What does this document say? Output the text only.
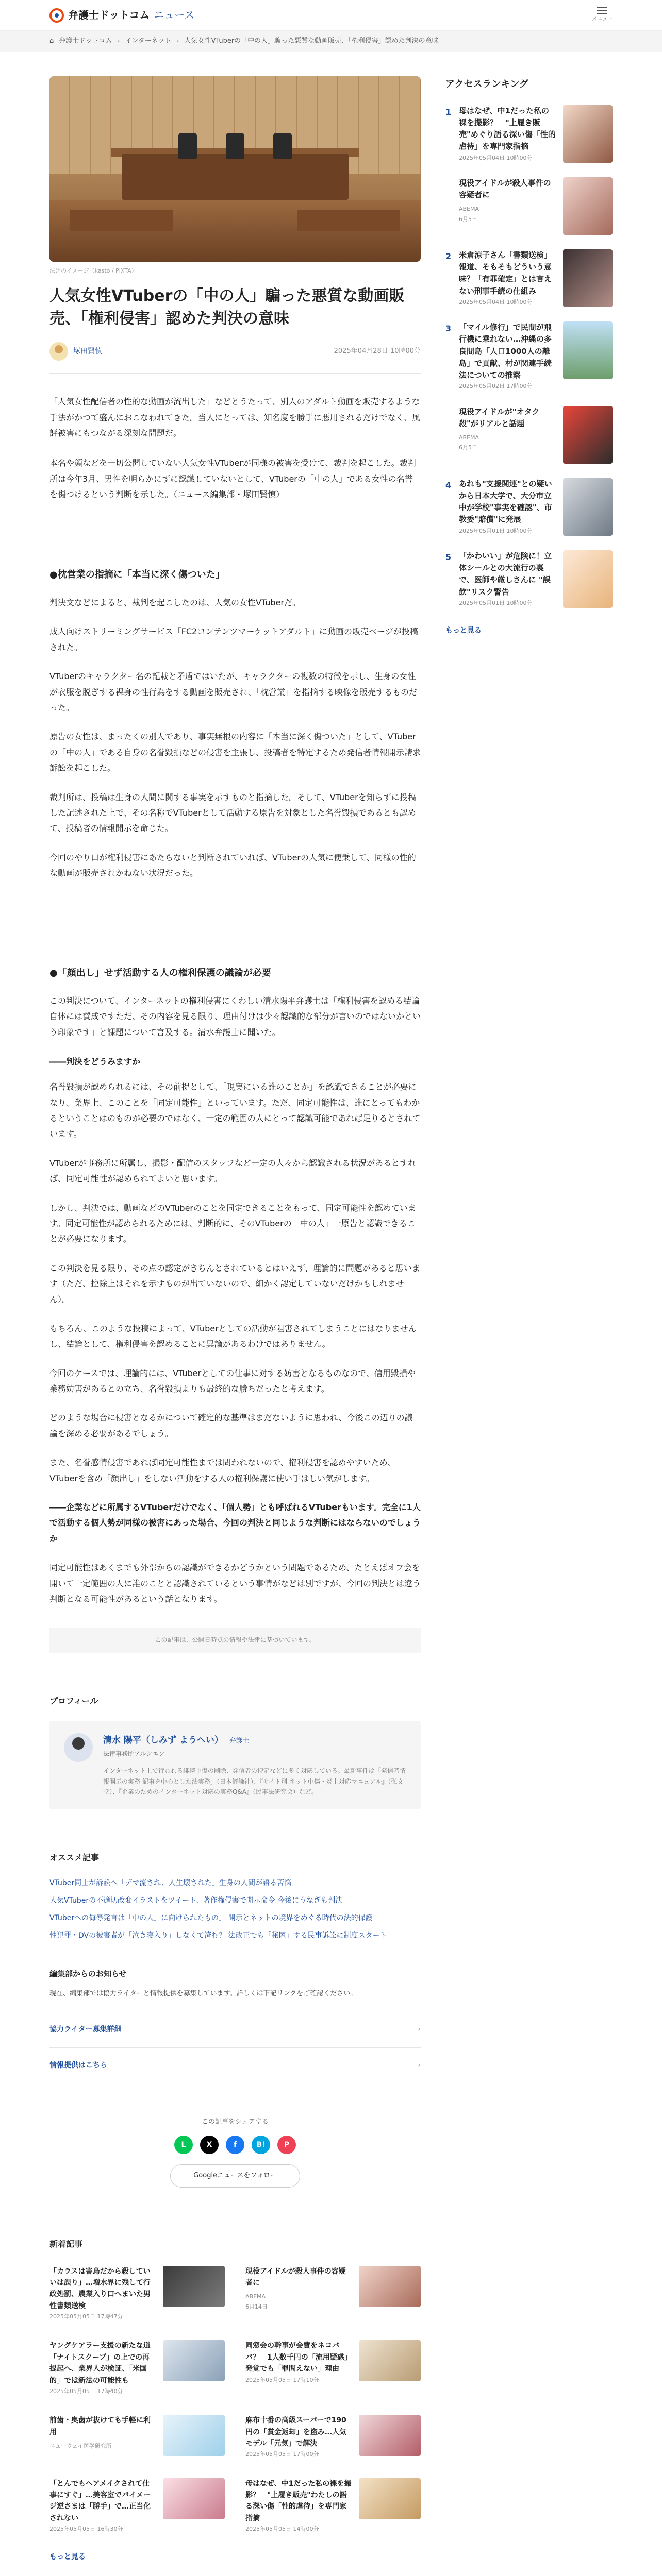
弁護士ドットコム ニュース	メニュー
⌂ 弁護士ドットコム › インターネット › 人気女性VTuberの「中の人」騙った悪質な動画販売、「権利侵害」認めた判決の意味
法廷のイメージ（kasto / PIXTA）
人気女性VTuberの「中の人」騙った悪質な動画販売、「権利侵害」認めた判決の意味
塚田賢慎	2025年04月28日 10時00分

「人気女性配信者の性的な動画が流出した」などとうたって、別人のアダルト動画を販売するような手法がかつて盛んにおこなわれてきた。当人にとっては、知名度を勝手に悪用されるだけでなく、風評被害にもつながる深刻な問題だ。

本名や顔などを一切公開していない人気女性VTuberが同様の被害を受けて、裁判を起こした。裁判所は今年3月、男性を明らかにずに認識していないとして、VTuberの「中の人」である女性の名誉を傷つけるという判断を示した。（ニュース編集部・塚田賢慎）

●枕営業の指摘に「本当に深く傷ついた」

判決文などによると、裁判を起こしたのは、人気の女性VTuberだ。

成人向けストリーミングサービス「FC2コンテンツマーケットアダルト」に動画の販売ページが投稿された。

VTuberのキャラクター名の記載と矛盾ではいたが、キャラクターの複数の特徴を示し、生身の女性が衣服を脱ぎする裸身の性行為をする動画を販売され、「枕営業」を指摘する映像を販売するものだった。

原告の女性は、まったくの別人であり、事実無根の内容に「本当に深く傷ついた」として、VTuberの「中の人」である自身の名誉毀損などの侵害を主張し、投稿者を特定するため発信者情報開示請求訴訟を起こした。

裁判所は、投稿は生身の人間に関する事実を示すものと指摘した。そして、VTuberを知らずに投稿した記述された上で、その名称でVTuberとして活動する原告を対象とした名誉毀損であるとも認めて、投稿者の情報開示を命じた。

今回のやり口が権利侵害にあたらないと判断されていれば、VTuberの人気に便乗して、同様の性的な動画が販売されかねない状況だった。

●「顔出し」せず活動する人の権利保護の議論が必要

この判決について、インターネットの権利侵害にくわしい清水陽平弁護士は「権利侵害を認める結論自体には賛成ですただ、その内容を見る限り、理由付けは少々認識的な部分が言いのではないかという印象です」と課題について言及する。清水弁護士に聞いた。

――判決をどうみますか

名誉毀損が認められるには、その前提として、「現実にいる誰のことか」を認識できることが必要になり、業界上、このことを「同定可能性」といっています。ただ、同定可能性は、誰にとってもわかるということはのものが必要のではなく、一定の範囲の人にとって認識可能であれば足りるとされています。

VTuberが事務所に所属し、撮影・配信のスタッフなど一定の人々から認識される状況があるとすれば、同定可能性が認められてよいと思います。

しかし、判決では、動画などのVTuberのことを同定できることをもって、同定可能性を認めています。同定可能性が認められるためには、判断的に、そのVTuberの「中の人」一原告と認識できることが必要になります。

この判決を見る限り、その点の認定がきちんとされているとはいえず、理論的に問題があると思います（ただ、控除上はそれを示すものが出ていないので、細かく認定していないだけかもしれません）。

もちろん、このような投稿によって、VTuberとしての活動が阻害されてしまうことにはなりませんし、結論として、権利侵害を認めることに異論があるわけではありません。

今回のケースでは、理論的には、VTuberとしての仕事に対する妨害となるものなので、信用毀損や業務妨害があるとの立ち、名誉毀損よりも最終的な勝ちだったと考えます。

どのような場合に侵害となるかについて確定的な基準はまだないように思われ、今後この辺りの議論を深める必要があるでしょう。

また、名誉感情侵害であれば同定可能性までは問われないので、権利侵害を認めやすいため、VTuberを含め「顔出し」をしない活動をする人の権利保護に使い手はしい気がします。

――企業などに所属するVTuberだけでなく、「個人勢」とも呼ばれるVTuberもいます。完全に1人で活動する個人勢が同様の被害にあった場合、今回の判決と同じような判断にはならないのでしょうか

同定可能性はあくまでも外部からの認識ができるかどうかという問題であるため、たとえばオフ会を開いて一定範囲の人に誰のことと認識されているという事情がなどは別ですが、今回の判決とは違う判断となる可能性があるという話となります。

この記事は、公開日時点の情報や法律に基づいています。
プロフィール
清水 陽平（しみず ようへい） 弁護士
法律事務所アルシエン

インターネット上で行われる誹謗中傷の削除、発信者の特定などに多く対応している。最新事件は「発信者情報開示の実務 記事を中心とした法実務」（日本評論社）、『サイト別 ネット中傷・炎上対応マニュアル』（弘文堂）、『企業のためのインターネット対応の実務Q&A』（民事法研究会）など。

オススメ記事
VTuber同士が訴訟へ「デマ流され、人生壊された」生身の人間が語る苦悩
人気VTuberの不適切改変イラストをツイート、著作権侵害で開示命令 今後にうなぎも判決
VTuberへの侮辱発言は「中の人」に向けられたもの」 開示とネットの境界をめぐる時代の法的保護
性犯罪・DVの被害者が「泣き寝入り」しなくて済む？ 法改正でも「秘匿」する民事訴訟に制度スタート
編集部からのお知らせ

現在、編集部では協力ライターと情報提供を募集しています。詳しくは下記リンクをご確認ください。

協力ライター募集詳細	›
情報提供はこちら	›
この記事をシェアする
L	X	f	B!	P
Googleニュースをフォロー
新着記事
「カラスは害鳥だから殺していいは誤り」…増水界に残して行政処罰、農業入り口へまいた男性書類送検
2025年05月05日 17時47分
現役アイドルが殺人事件の容疑者に
ABEMA
6月14日
ヤングケアラー支援の新たな道「ナイトスクープ」の上での再提起へ、業界人が検証、「米国的」では新法の可能性も
2025年05月05日 17時40分
同窓会の幹事が会費をネコババ？　1人数千円の「流用疑惑」発覚でも「罪問えない」理由
2025年05月05日 17時10分
前歯・奥歯が抜けても手軽に利用
ニューウェイ医学研究所
麻布十番の高級スーパーで190円の「賞金返却」を盗み…人気モデル「元気」で解決
2025年05月05日 17時00分
「とんでもヘアメイクされて仕事にすぐ」…美容室でバイメージ逆さまは「勝手」で…正当化されない
2025年05月05日 16時30分
母はなぜ、中1だった私の裸を撮影？　"上履き販売"わたしの語る深い傷「性的虐待」を専門家指摘
2025年05月05日 14時00分
もっと見る
アクセスランキング
1 母はなぜ、中1だった私の裸を撮影？　"上履き販売"めぐり語る深い傷「性的虐待」を専門家指摘
2025年05月04日 10時00分
現役アイドルが殺人事件の容疑者に
ABEMA
6月5日
2 米倉涼子さん「書類送検」報道、そもそもどういう意味？「有罪確定」とは言えない刑事手続の仕組み
2025年05月04日 10時00分
3 「マイル修行」で民間が飛行機に乗れない…沖縄の多良間島「人口1000人の離島」で貢献、村が関連手続法についての推察
2025年05月02日 17時00分
現役アイドルが"オタク殺"がリアルと話題
ABEMA
6月5日
4 あれも"支援関連"との疑いから日本大学で、大分市立中が学校"事実を確認"、市教委"賠償"に発展
2025年05月01日 10時00分
5 「かわいい」が危険に！立体シールとの大流行の裏で、医師や厳しさんに "誤飲"リスク警告
2025年05月01日 10時00分
もっと見る
